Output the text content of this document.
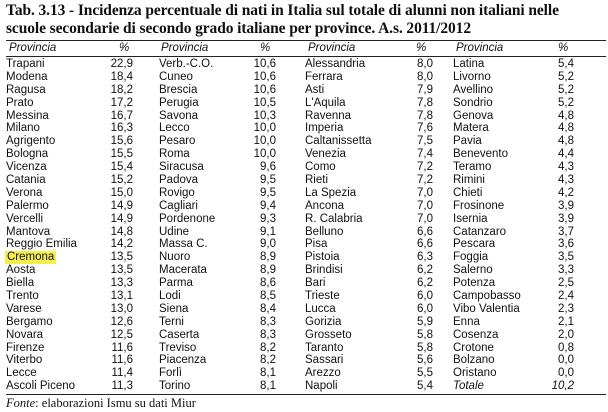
Tab. 3.13 - Incidenza percentuale di nati in Italia sul totale di alunni non italiani nelle
scuole secondarie di secondo grado italiane per province. A.s. 2011/2012
Provincia	%
Trapani	22,9
Modena	18,4
Ragusa	18,2
Prato	17,2
Messina	16,7
Milano	16,3
Agrigento	15,6
Bologna	15,5
Vicenza	15,4
Catania	15,2
Verona	15,0
Palermo	14,9
Vercelli	14,9
Mantova	14,8
Reggio Emilia	14,2
Cremona	13,5
Aosta	13,5
Biella	13,3
Trento	13,1
Varese	13,0
Bergamo	12,6
Novara	12,5
Firenze	11,6
Viterbo	11,6
Lecce	11,4
Ascoli Piceno	11,3
Provincia	%
Verb.-C.O.	10,6
Cuneo	10,6
Brescia	10,6
Perugia	10,5
Savona	10,3
Lecco	10,0
Pesaro	10,0
Roma	10,0
Siracusa	9,6
Padova	9,5
Rovigo	9,5
Cagliari	9,4
Pordenone	9,3
Udine	9,1
Massa C.	9,0
Nuoro	8,9
Macerata	8,9
Parma	8,6
Lodi	8,5
Siena	8,4
Terni	8,3
Caserta	8,3
Treviso	8,2
Piacenza	8,2
Forlì	8,1
Torino	8,1
Provincia	%
Alessandria	8,0
Ferrara	8,0
Asti	7,9
L'Aquila	7,8
Ravenna	7,8
Imperia	7,6
Caltanissetta	7,5
Venezia	7,4
Como	7,2
Rieti	7,2
La Spezia	7,0
Ancona	7,0
R. Calabria	7,0
Belluno	6,6
Pisa	6,6
Pistoia	6,3
Brindisi	6,2
Bari	6,2
Trieste	6,0
Lucca	6,0
Gorizia	5,9
Grosseto	5,8
Taranto	5,8
Sassari	5,6
Arezzo	5,5
Napoli	5,4
Provincia	%
Latina	5,4
Livorno	5,2
Avellino	5,2
Sondrio	5,2
Genova	4,8
Matera	4,8
Pavia	4,8
Benevento	4,4
Teramo	4,3
Rimini	4,3
Chieti	4,2
Frosinone	3,9
Isernia	3,9
Catanzaro	3,7
Pescara	3,6
Foggia	3,5
Salerno	3,3
Potenza	2,5
Campobasso	2,4
Vibo Valentia	2,3
Enna	2,1
Cosenza	2,0
Crotone	0,8
Bolzano	0,0
Oristano	0,0
Totale	10,2
Fonte: elaborazioni Ismu su dati Miur
